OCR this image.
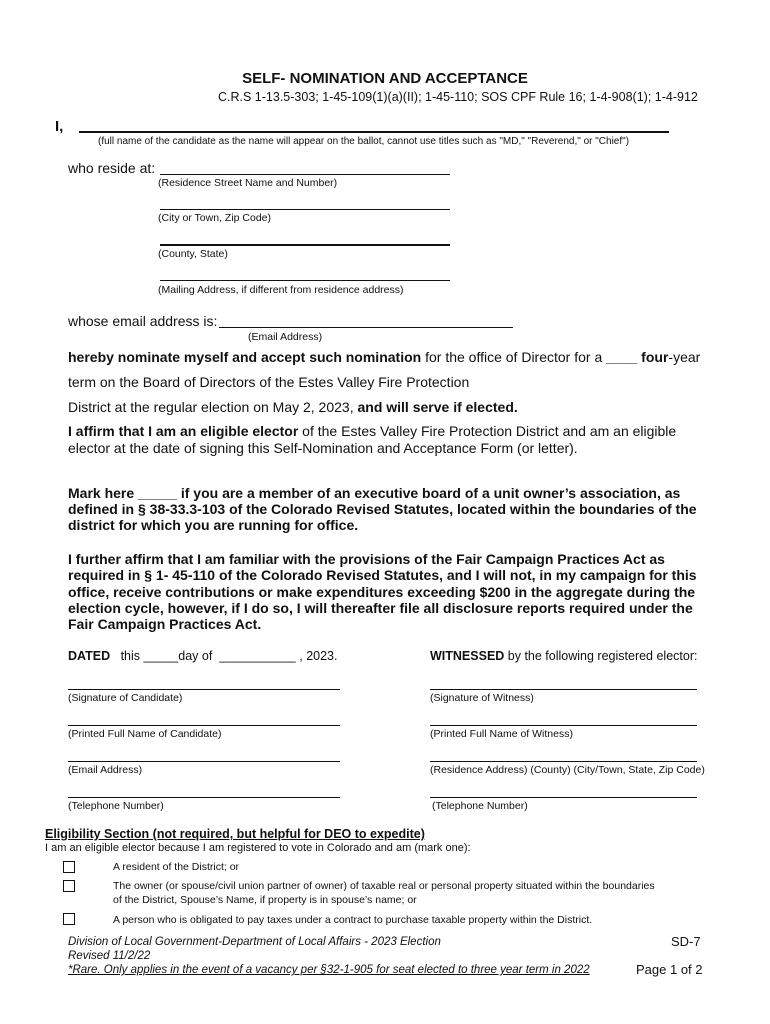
SELF- NOMINATION AND ACCEPTANCE
C.R.S 1-13.5-303; 1-45-109(1)(a)(II); 1-45-110; SOS CPF Rule 16; 1-4-908(1); 1-4-912
I,
(full name of the candidate as the name will appear on the ballot, cannot use titles such as "MD," "Reverend," or "Chief")
who reside at:
(Residence Street Name and Number)
(City or Town, Zip Code)
(County, State)
(Mailing Address, if different from residence address)
whose email address is:
(Email Address)
hereby nominate myself and accept such nomination for the office of Director for a ____ four-year
term on the Board of Directors of the Estes Valley Fire Protection
District at the regular election on May 2, 2023, and will serve if elected.
I affirm that I am an eligible elector of the Estes Valley Fire Protection District and am an eligible
elector at the date of signing this Self-Nomination and Acceptance Form (or letter).
Mark here _____ if you are a member of an executive board of a unit owner’s association, as
defined in § 38-33.3-103 of the Colorado Revised Statutes, located within the boundaries of the
district for which you are running for office.
I further affirm that I am familiar with the provisions of the Fair Campaign Practices Act as
required in § 1- 45-110 of the Colorado Revised Statutes, and I will not, in my campaign for this
office, receive contributions or make expenditures exceeding $200 in the aggregate during the
election cycle, however, if I do so, I will thereafter file all disclosure reports required under the
Fair Campaign Practices Act.
DATED this _____day of ___________ , 2023.	WITNESSED by the following registered elector:
(Signature of Candidate)
(Printed Full Name of Candidate)
(Email Address)
(Telephone Number)
(Signature of Witness)
(Printed Full Name of Witness)
(Residence Address) (County) (City/Town, State, Zip Code)
(Telephone Number)
Eligibility Section (not required, but helpful for DEO to expedite)
I am an eligible elector because I am registered to vote in Colorado and am (mark one):
A resident of the District; or
The owner (or spouse/civil union partner of owner) of taxable real or personal property situated within the boundaries
of the District, Spouse’s Name, if property is in spouse’s name; or
A person who is obligated to pay taxes under a contract to purchase taxable property within the District.
Division of Local Government-Department of Local Affairs - 2023 Election
Revised 11/2/22
*Rare. Only applies in the event of a vacancy per §32-1-905 for seat elected to three year term in 2022
SD-7
Page 1 of 2
